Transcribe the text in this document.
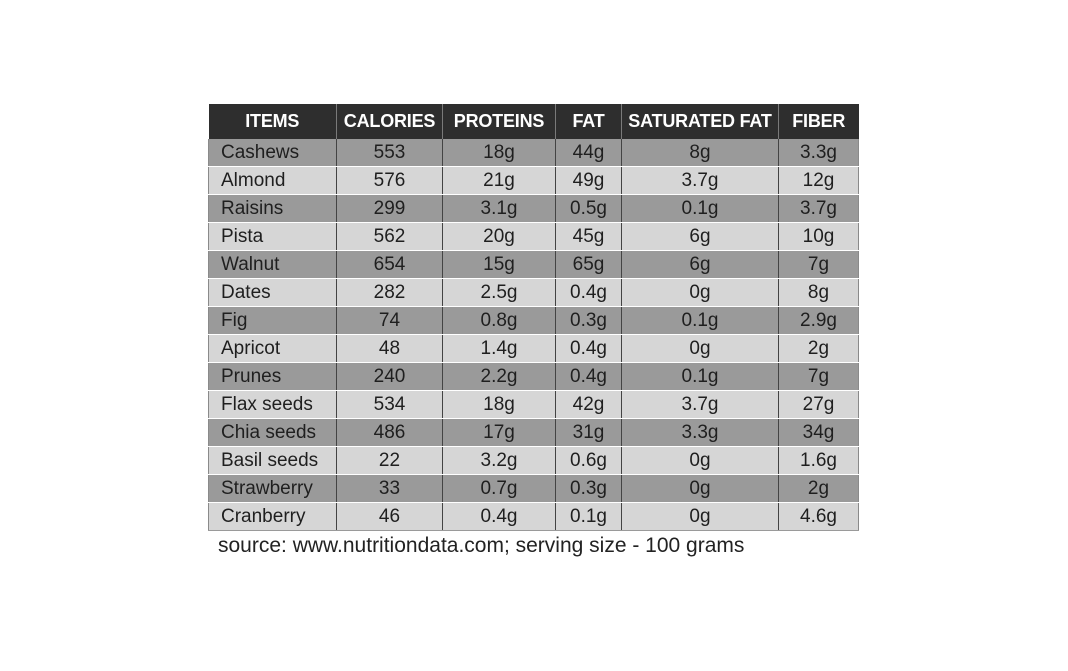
ITEMS	CALORIES	PROTEINS	FAT	SATURATED FAT	FIBER
Cashews	553	18g	44g	8g	3.3g
Almond	576	21g	49g	3.7g	12g
Raisins	299	3.1g	0.5g	0.1g	3.7g
Pista	562	20g	45g	6g	10g
Walnut	654	15g	65g	6g	7g
Dates	282	2.5g	0.4g	0g	8g
Fig	74	0.8g	0.3g	0.1g	2.9g
Apricot	48	1.4g	0.4g	0g	2g
Prunes	240	2.2g	0.4g	0.1g	7g
Flax seeds	534	18g	42g	3.7g	27g
Chia seeds	486	17g	31g	3.3g	34g
Basil seeds	22	3.2g	0.6g	0g	1.6g
Strawberry	33	0.7g	0.3g	0g	2g
Cranberry	46	0.4g	0.1g	0g	4.6g
source: www.nutritiondata.com; serving size - 100 grams
